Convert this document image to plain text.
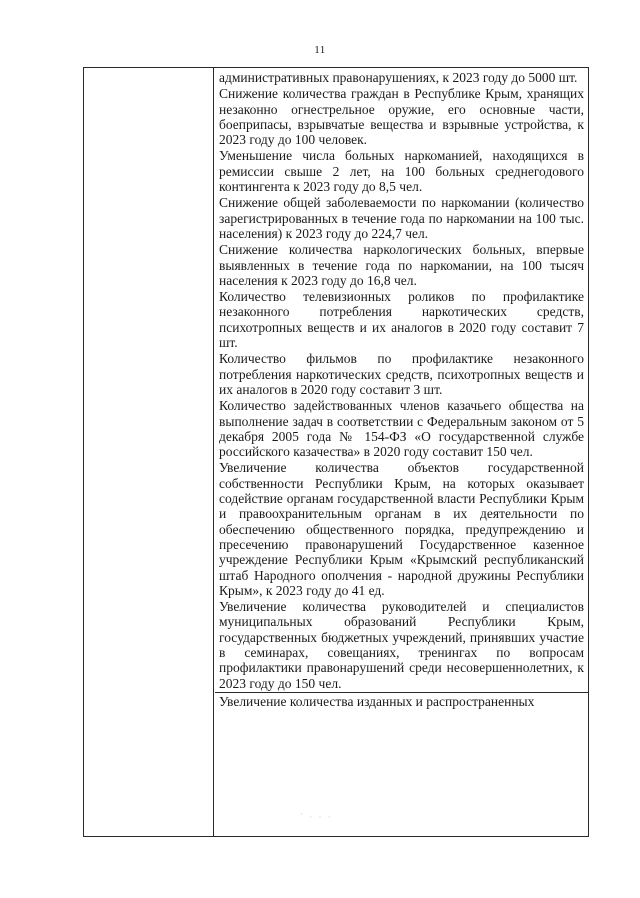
11

административных правонарушениях, к 2023 году до 5000 шт.

Снижение количества граждан в Республике Крым, хранящих незаконно огнестрельное оружие, его основные части, боеприпасы, взрывчатые вещества и взрывные устройства, к 2023 году до 100 человек.

Уменьшение числа больных наркоманией, находящихся в ремиссии свыше 2 лет, на 100 больных среднегодового контингента к 2023 году до 8,5 чел.

Снижение общей заболеваемости по наркомании (количество зарегистрированных в течение года по наркомании на 100 тыс. населения) к 2023 году до 224,7 чел.

Снижение количества наркологических больных, впервые выявленных в течение года по наркомании, на 100 тысяч населения к 2023 году до 16,8 чел.

Количество телевизионных роликов по профилактике незаконного потребления наркотических средств, психотропных веществ и их аналогов в 2020 году составит 7 шт.

Количество фильмов по профилактике незаконного потребления наркотических средств, психотропных веществ и их аналогов в 2020 году составит 3 шт.

Количество задействованных членов казачьего общества на выполнение задач в соответствии с Федеральным законом от 5 декабря 2005 года № 154-ФЗ «О государственной службе российского казачества» в 2020 году составит 150 чел.

Увеличение количества объектов государственной собственности Республики Крым, на которых оказывает содействие органам государственной власти Республики Крым и правоохранительным органам в их деятельности по обеспечению общественного порядка, предупреждению и пресечению правонарушений Государственное казенное учреждение Республики Крым «Крымский республиканский штаб Народного ополчения - народной дружины Республики Крым», к 2023 году до 41 ед.

Увеличение количества руководителей и специалистов муниципальных образований Республики Крым, государственных бюджетных учреждений, принявших участие в семинарах, совещаниях, тренингах по вопросам профилактики правонарушений среди несовершеннолетних, к 2023 году до 150 чел.

Увеличение количества изданных и распространенных

` · · ·
